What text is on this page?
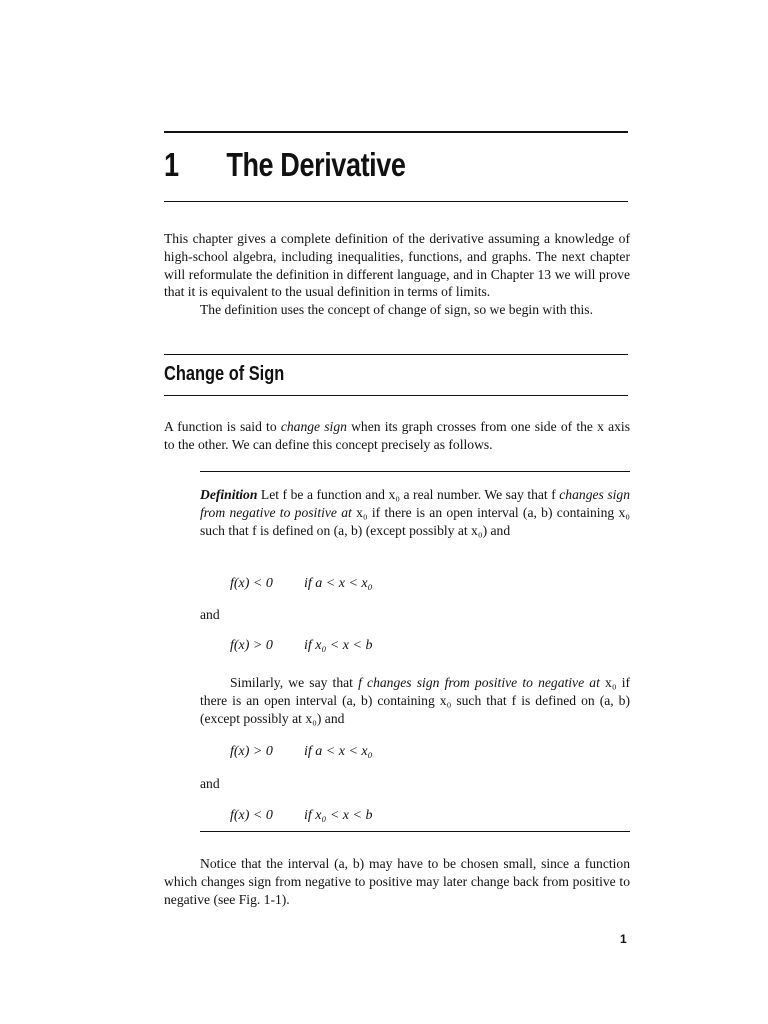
1 The Derivative
This chapter gives a complete definition of the derivative assuming a knowledge of high-school algebra, including inequalities, functions, and graphs. The next chapter will reformulate the definition in different language, and in Chapter 13 we will prove that it is equivalent to the usual definition in terms of limits.
The definition uses the concept of change of sign, so we begin with this.
Change of Sign
A function is said to change sign when its graph crosses from one side of the x axis to the other. We can define this concept precisely as follows.
Definition Let f be a function and x₀ a real number. We say that f changes sign from negative to positive at x₀ if there is an open interval (a, b) containing x₀ such that f is defined on (a, b) (except possibly at x₀) and
f(x) < 0 if a < x < x₀
and
f(x) > 0 if x₀ < x < b
Similarly, we say that f changes sign from positive to negative at x₀ if there is an open interval (a, b) containing x₀ such that f is defined on (a, b) (except possibly at x₀) and
f(x) > 0 if a < x < x₀
and
f(x) < 0 if x₀ < x < b
Notice that the interval (a, b) may have to be chosen small, since a function which changes sign from negative to positive may later change back from positive to negative (see Fig. 1-1).
1
